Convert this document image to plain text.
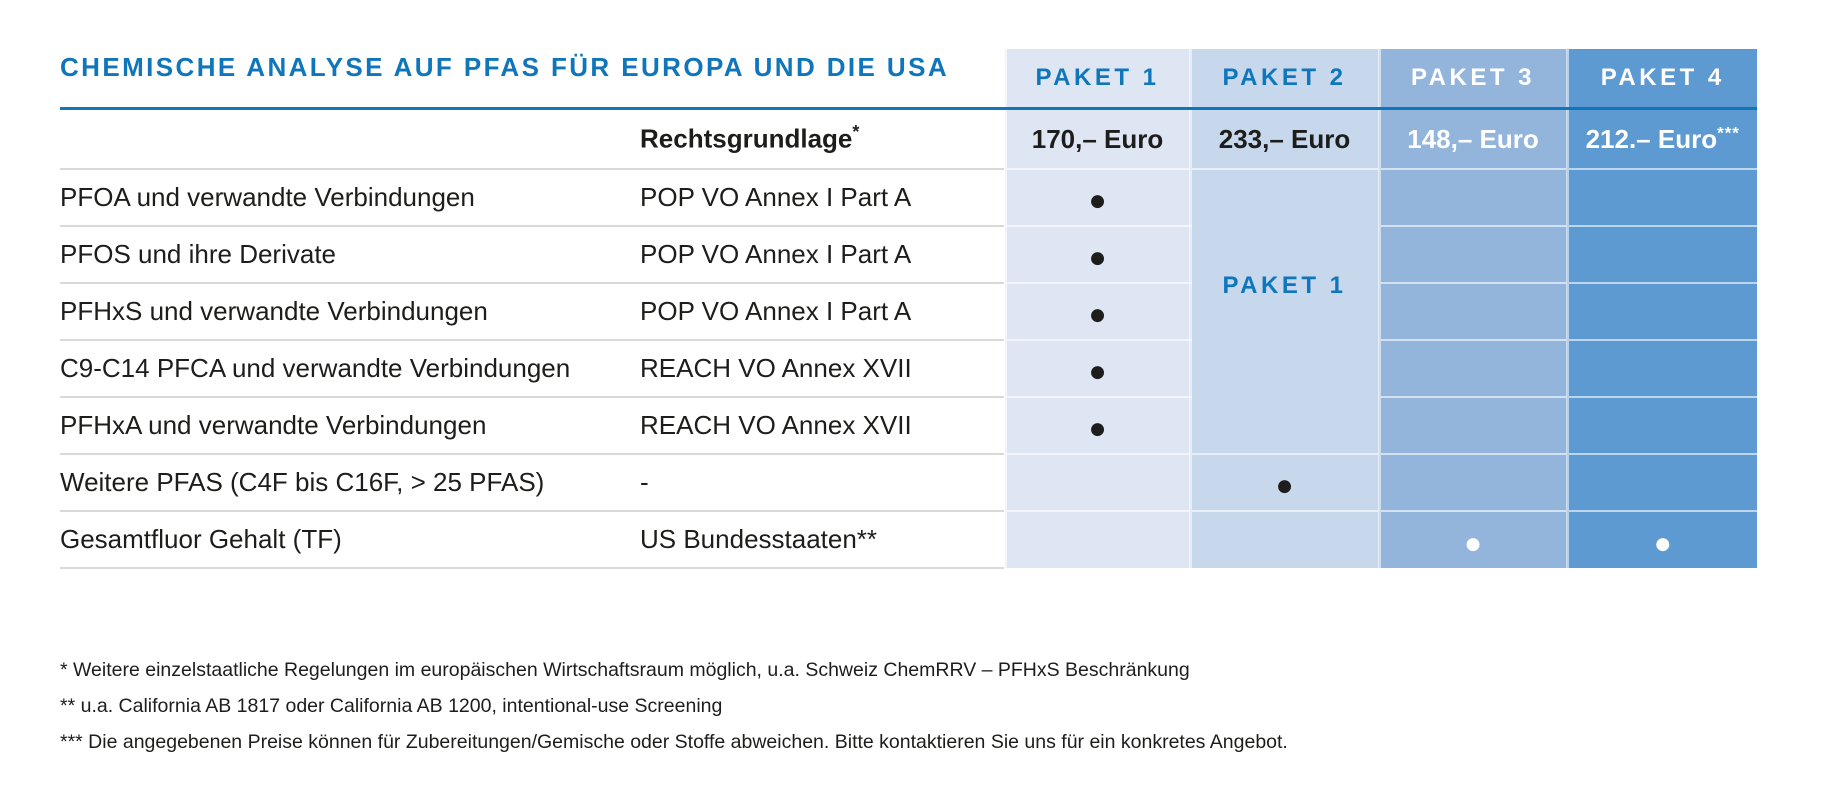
CHEMISCHE ANALYSE AUF PFAS FÜR EUROPA UND DIE USA		PAKET 1	PAKET 2	PAKET 3	PAKET 4
	Rechtsgrundlage*	170,– Euro	233,– Euro	148,– Euro	212.– Euro***
PFOA und verwandte Verbindungen	POP VO Annex I Part A	●	PAKET 1		
PFOS und ihre Derivate	POP VO Annex I Part A	●			
PFHxS und verwandte Verbindungen	POP VO Annex I Part A	●			
C9-C14 PFCA und verwandte Verbindungen	REACH VO Annex XVII	●			
PFHxA und verwandte Verbindungen	REACH VO Annex XVII	●			
Weitere PFAS (C4F bis C16F, > 25 PFAS)	-		●		
Gesamtfluor Gehalt (TF)	US Bundesstaaten**			●	●

* Weitere einzelstaatliche Regelungen im europäischen Wirtschaftsraum möglich, u.a. Schweiz ChemRRV – PFHxS Beschränkung

** u.a. California AB 1817 oder California AB 1200, intentional-use Screening

*** Die angegebenen Preise können für Zubereitungen/Gemische oder Stoffe abweichen. Bitte kontaktieren Sie uns für ein konkretes Angebot.
